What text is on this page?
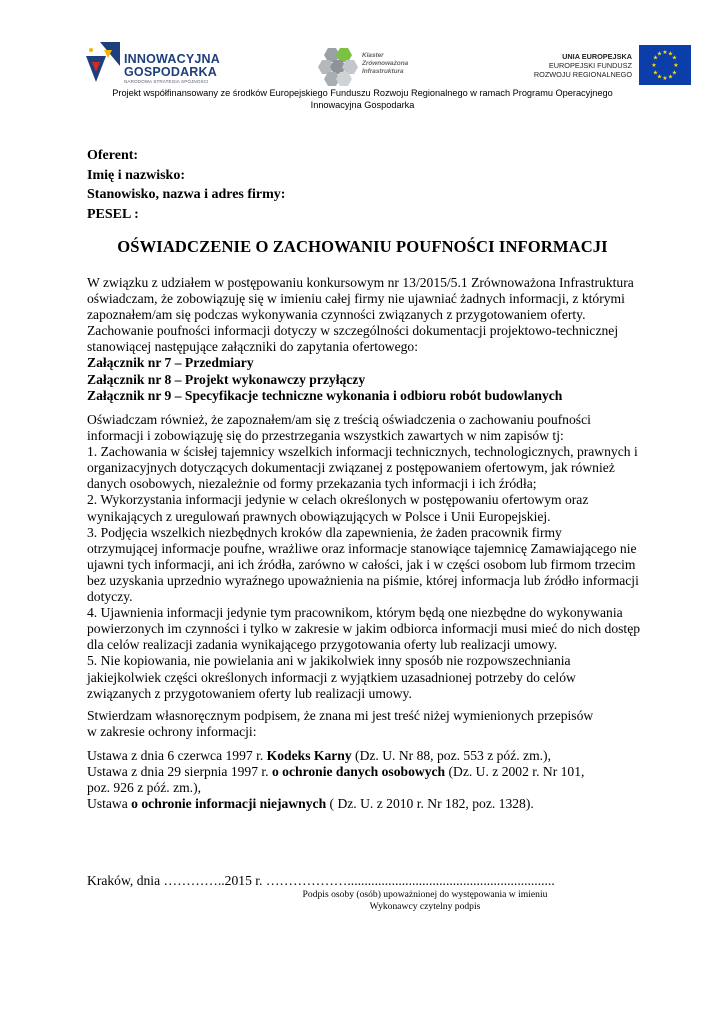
INNOWACYJNA
GOSPODARKA
NARODOWA STRATEGIA SPÓJNOŚCI
Klaster
Zrównoważona
Infrastruktura
UNIA EUROPEJSKA
EUROPEJSKI FUNDUSZ
ROZWOJU REGIONALNEGO
★ ★
★
★
★
★
★
★
★
★
★
★
Projekt współfinansowany ze środków Europejskiego Funduszu Rozwoju Regionalnego w ramach Programu Operacyjnego
Innowacyjna Gospodarka
Oferent:
Imię i nazwisko:
Stanowisko, nazwa i adres firmy:
PESEL :
OŚWIADCZENIE O ZACHOWANIU POUFNOŚCI INFORMACJI
W związku z udziałem w postępowaniu konkursowym nr 13/2015/5.1 Zrównoważona Infrastruktura
oświadczam, że zobowiązuję się w imieniu całej firmy nie ujawniać żadnych informacji, z którymi
zapoznałem/am się podczas wykonywania czynności związanych z przygotowaniem oferty.
Zachowanie poufności informacji dotyczy w szczególności dokumentacji projektowo-technicznej
stanowiącej następujące załączniki do zapytania ofertowego:
Załącznik nr 7 – Przedmiary
Załącznik nr 8 – Projekt wykonawczy przyłączy
Załącznik nr 9 – Specyfikacje techniczne wykonania i odbioru robót budowlanych
Oświadczam również, że zapoznałem/am się z treścią oświadczenia o zachowaniu poufności
informacji i zobowiązuję się do przestrzegania wszystkich zawartych w nim zapisów tj:
1. Zachowania w ścisłej tajemnicy wszelkich informacji technicznych, technologicznych, prawnych i
organizacyjnych dotyczących dokumentacji związanej z postępowaniem ofertowym, jak również
danych osobowych, niezależnie od formy przekazania tych informacji i ich źródła;
2. Wykorzystania informacji jedynie w celach określonych w postępowaniu ofertowym oraz
wynikających z uregulowań prawnych obowiązujących w Polsce i Unii Europejskiej.
3. Podjęcia wszelkich niezbędnych kroków dla zapewnienia, że żaden pracownik firmy
otrzymującej informacje poufne, wrażliwe oraz informacje stanowiące tajemnicę Zamawiającego nie
ujawni tych informacji, ani ich źródła, zarówno w całości, jak i w części osobom lub firmom trzecim
bez uzyskania uprzednio wyraźnego upoważnienia na piśmie, której informacja lub źródło informacji
dotyczy.
4. Ujawnienia informacji jedynie tym pracownikom, którym będą one niezbędne do wykonywania
powierzonych im czynności i tylko w zakresie w jakim odbiorca informacji musi mieć do nich dostęp
dla celów realizacji zadania wynikającego przygotowania oferty lub realizacji umowy.
5. Nie kopiowania, nie powielania ani w jakikolwiek inny sposób nie rozpowszechniania
jakiejkolwiek części określonych informacji z wyjątkiem uzasadnionej potrzeby do celów
związanych z przygotowaniem oferty lub realizacji umowy.
Stwierdzam własnoręcznym podpisem, że znana mi jest treść niżej wymienionych przepisów
w zakresie ochrony informacji:
Ustawa z dnia 6 czerwca 1997 r. Kodeks Karny (Dz. U. Nr 88, poz. 553 z póź. zm.),
Ustawa z dnia 29 sierpnia 1997 r. o ochronie danych osobowych (Dz. U. z 2002 r. Nr 101,
poz. 926 z póź. zm.),
Ustawa o ochronie informacji niejawnych ( Dz. U. z 2010 r. Nr 182, poz. 1328).
Kraków, dnia …………..2015 r. ……………….............................................................
Podpis osoby (osób) upoważnionej do występowania w imieniu
Wykonawcy czytelny podpis
